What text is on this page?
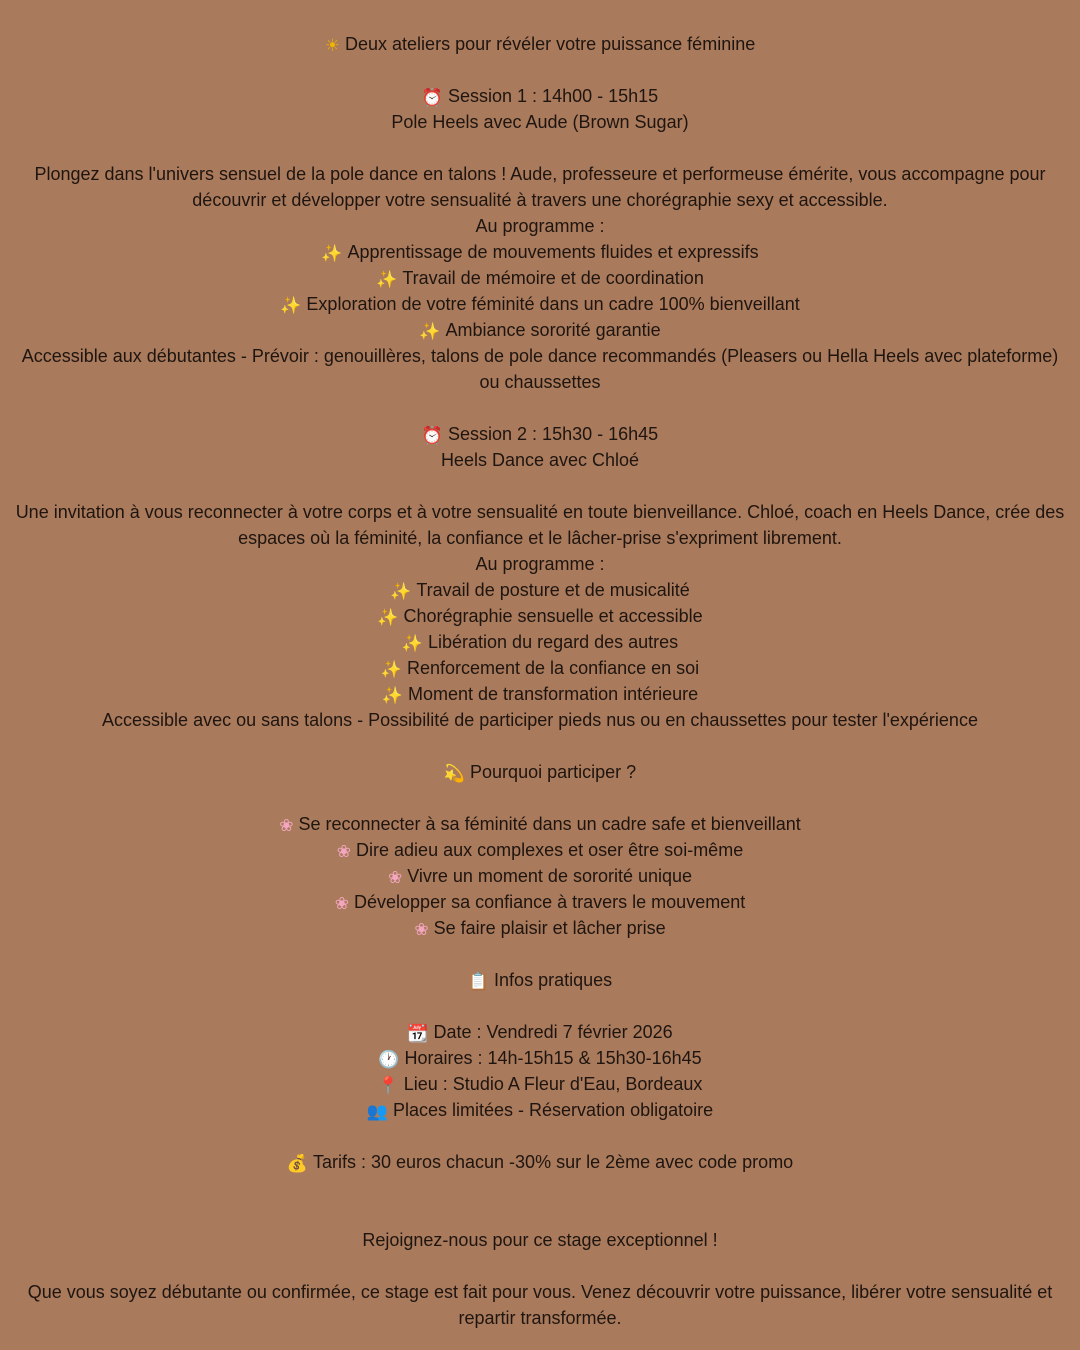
☀ Deux ateliers pour révéler votre puissance féminine
⏰ Session 1 : 14h00 - 15h15
Pole Heels avec Aude (Brown Sugar)
Plongez dans l'univers sensuel de la pole dance en talons ! Aude, professeure et performeuse émérite, vous accompagne pour découvrir et développer votre sensualité à travers une chorégraphie sexy et accessible.
Au programme :
✨ Apprentissage de mouvements fluides et expressifs
✨ Travail de mémoire et de coordination
✨ Exploration de votre féminité dans un cadre 100% bienveillant
✨ Ambiance sororité garantie
Accessible aux débutantes - Prévoir : genouillères, talons de pole dance recommandés (Pleasers ou Hella Heels avec plateforme) ou chaussettes
⏰ Session 2 : 15h30 - 16h45
Heels Dance avec Chloé
Une invitation à vous reconnecter à votre corps et à votre sensualité en toute bienveillance. Chloé, coach en Heels Dance, crée des espaces où la féminité, la confiance et le lâcher-prise s'expriment librement.
Au programme :
✨ Travail de posture et de musicalité
✨ Chorégraphie sensuelle et accessible
✨ Libération du regard des autres
✨ Renforcement de la confiance en soi
✨ Moment de transformation intérieure
Accessible avec ou sans talons - Possibilité de participer pieds nus ou en chaussettes pour tester l'expérience
💫 Pourquoi participer ?
❀ Se reconnecter à sa féminité dans un cadre safe et bienveillant
❀ Dire adieu aux complexes et oser être soi-même
❀ Vivre un moment de sororité unique
❀ Développer sa confiance à travers le mouvement
❀ Se faire plaisir et lâcher prise
📋 Infos pratiques
📆 Date : Vendredi 7 février 2026
🕐 Horaires : 14h-15h15 & 15h30-16h45
📍 Lieu : Studio A Fleur d'Eau, Bordeaux
👥 Places limitées - Réservation obligatoire
💰 Tarifs : 30 euros chacun -30% sur le 2ème avec code promo
Rejoignez-nous pour ce stage exceptionnel !
Que vous soyez débutante ou confirmée, ce stage est fait pour vous. Venez découvrir votre puissance, libérer votre sensualité et repartir transformée.
